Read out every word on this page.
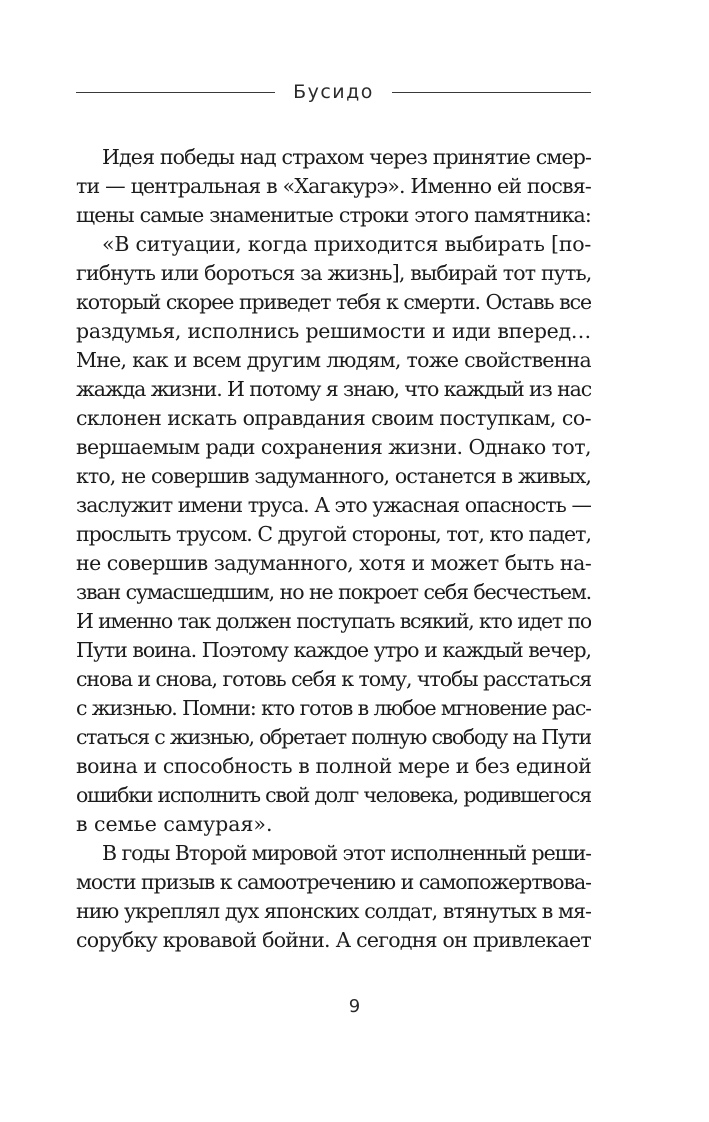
Бусидо
Идея победы над страхом через принятие смер-
ти — центральная в «Хагакурэ». Именно ей посвя-
щены самые знаменитые строки этого памятника:
«В ситуации, когда приходится выбирать [по-
гибнуть или бороться за жизнь], выбирай тот путь,
который скорее приведет тебя к смерти. Оставь все
раздумья, исполнись решимости и иди вперед…
Мне, как и всем другим людям, тоже свойственна
жажда жизни. И потому я знаю, что каждый из нас
склонен искать оправдания своим поступкам, со-
вершаемым ради сохранения жизни. Однако тот,
кто, не совершив задуманного, останется в живых,
заслужит имени труса. А это ужасная опасность —
прослыть трусом. С другой стороны, тот, кто падет,
не совершив задуманного, хотя и может быть на-
зван сумасшедшим, но не покроет себя бесчестьем.
И именно так должен поступать всякий, кто идет по
Пути воина. Поэтому каждое утро и каждый вечер,
снова и снова, готовь себя к тому, чтобы расстаться
с жизнью. Помни: кто готов в любое мгновение рас-
статься с жизнью, обретает полную свободу на Пути
воина и способность в полной мере и без единой
ошибки исполнить свой долг человека, родившегося
в семье самурая».
В годы Второй мировой этот исполненный реши-
мости призыв к самоотречению и самопожертвова-
нию укреплял дух японских солдат, втянутых в мя-
сорубку кровавой бойни. А сегодня он привлекает
9
